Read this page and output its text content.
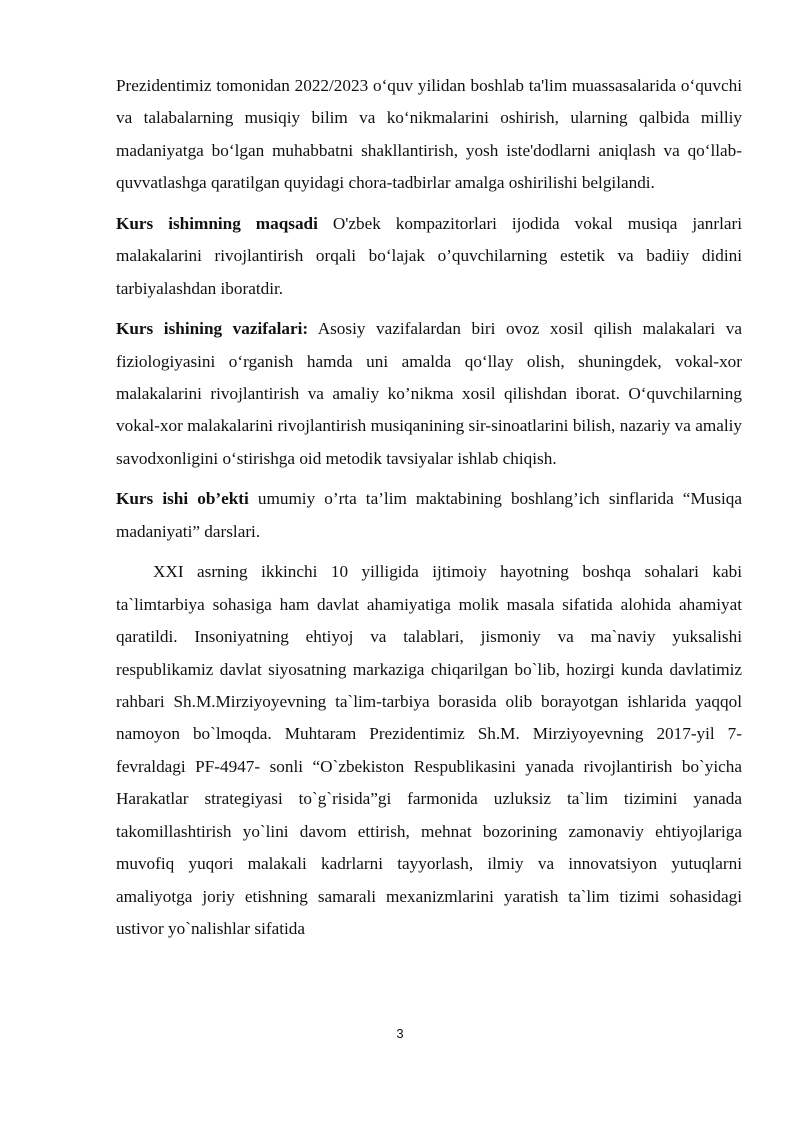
Prezidentimiz tomonidan 2022/2023 o‘quv yilidan boshlab ta'lim muassasalarida o‘quvchi va talabalarning musiqiy bilim va ko‘nikmalarini oshirish, ularning qalbida milliy madaniyatga bo‘lgan muhabbatni shakllantirish, yosh iste'dodlarni aniqlash va qo‘llab-quvvatlashga qaratilgan quyidagi chora-tadbirlar amalga oshirilishi belgilandi.

Kurs ishimning maqsadi O'zbek kompazitorlari ijodida vokal musiqa janrlari malakalarini rivojlantirish orqali bo‘lajak o’quvchilarning estetik va badiiy didini tarbiyalashdan iboratdir.

Kurs ishining vazifalari: Asosiy vazifalardan biri ovoz xosil qilish malakalari va fiziologiyasini o‘rganish hamda uni amalda qo‘llay olish, shuningdek, vokal-xor malakalarini rivojlantirish va amaliy ko’nikma xosil qilishdan iborat. O‘quvchilarning vokal-xor malakalarini rivojlantirish musiqanining sir-sinoatlarini bilish, nazariy va amaliy savodxonligini o‘stirishga oid metodik tavsiyalar ishlab chiqish.

Kurs ishi ob’ekti umumiy o’rta ta’lim maktabining boshlang’ich sinflarida “Musiqa madaniyati” darslari.

XXI asrning ikkinchi 10 yilligida ijtimoiy hayotning boshqa sohalari kabi ta`limtarbiya sohasiga ham davlat ahamiyatiga molik masala sifatida alohida ahamiyat qaratildi. Insoniyatning ehtiyoj va talablari, jismoniy va ma`naviy yuksalishi respublikamiz davlat siyosatning markaziga chiqarilgan bo`lib, hozirgi kunda davlatimiz rahbari Sh.M.Mirziyoyevning ta`lim-tarbiya borasida olib borayotgan ishlarida yaqqol namoyon bo`lmoqda. Muhtaram Prezidentimiz Sh.M. Mirziyoyevning 2017-yil 7-fevraldagi PF-4947- sonli “O`zbekiston Respublikasini yanada rivojlantirish bo`yicha Harakatlar strategiyasi to`g`risida”gi farmonida uzluksiz ta`lim tizimini yanada takomillashtirish yo`lini davom ettirish, mehnat bozorining zamonaviy ehtiyojlariga muvofiq yuqori malakali kadrlarni tayyorlash, ilmiy va innovatsiyon yutuqlarni amaliyotga joriy etishning samarali mexanizmlarini yaratish ta`lim tizimi sohasidagi ustivor yo`nalishlar sifatida

3
